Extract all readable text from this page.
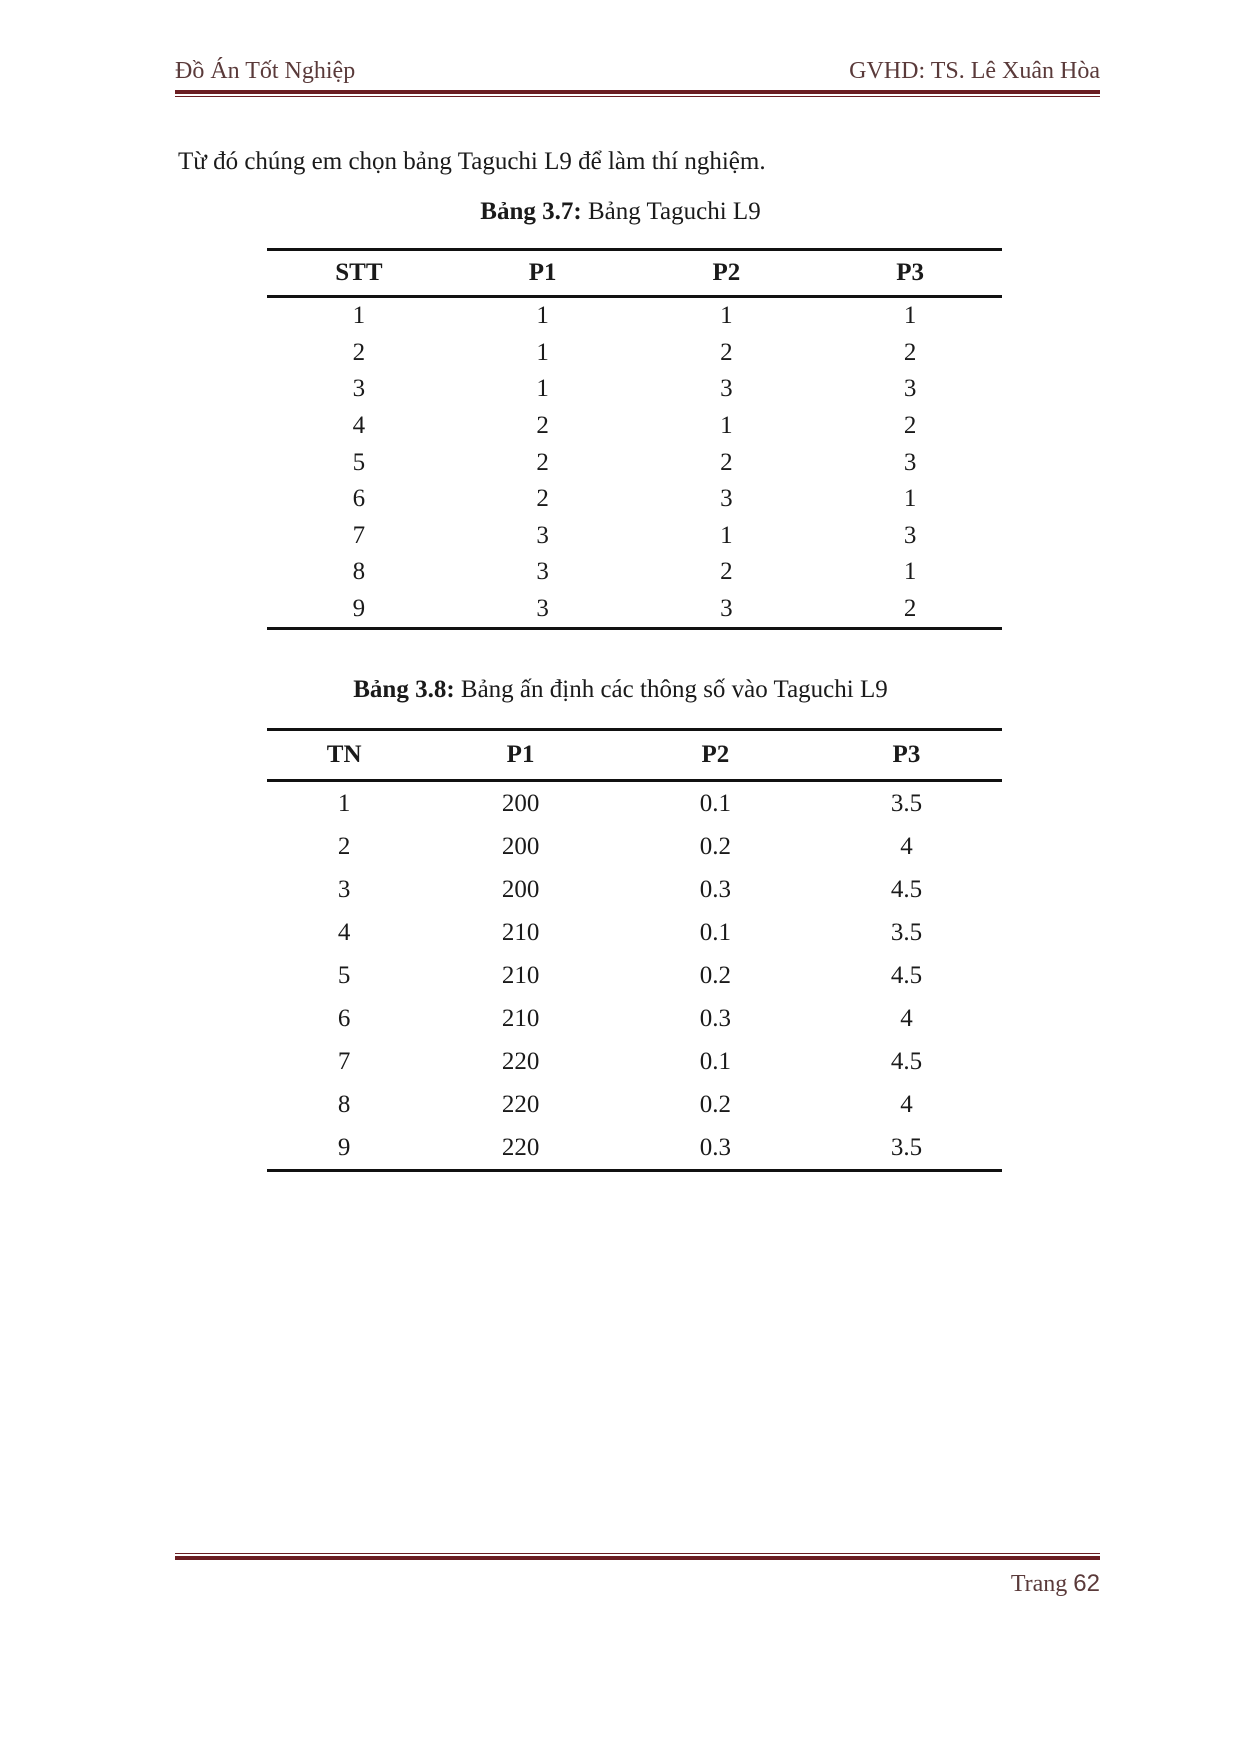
Đồ Án Tốt Nghiệp	GVHD: TS. Lê Xuân Hòa
Từ đó chúng em chọn bảng Taguchi L9 để làm thí nghiệm.
Bảng 3.7: Bảng Taguchi L9
STT	P1	P2	P3
1	1	1	1
2	1	2	2
3	1	3	3
4	2	1	2
5	2	2	3
6	2	3	1
7	3	1	3
8	3	2	1
9	3	3	2
Bảng 3.8: Bảng ấn định các thông số vào Taguchi L9
TN	P1	P2	P3
1	200	0.1	3.5
2	200	0.2	4
3	200	0.3	4.5
4	210	0.1	3.5
5	210	0.2	4.5
6	210	0.3	4
7	220	0.1	4.5
8	220	0.2	4
9	220	0.3	3.5
Trang 62
